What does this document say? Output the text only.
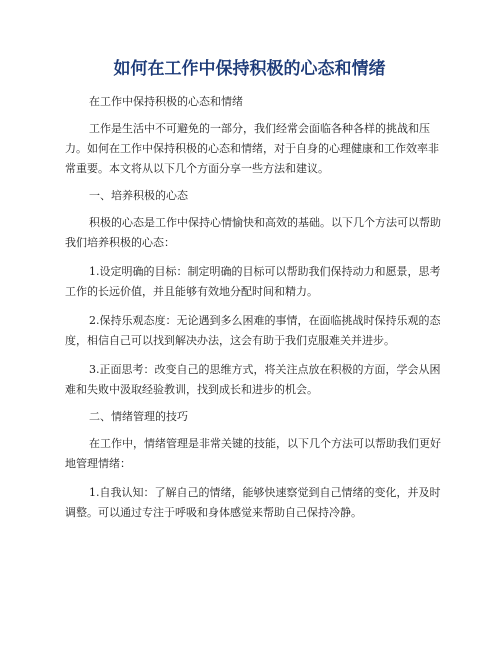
如何在工作中保持积极的心态和情绪
在工作中保持积极的心态和情绪

工作是生活中不可避免的一部分，我们经常会面临各种各样的挑战和压力。如何在工作中保持积极的心态和情绪，对于自身的心理健康和工作效率非常重要。本文将从以下几个方面分享一些方法和建议。

一、培养积极的心态

积极的心态是工作中保持心情愉快和高效的基础。以下几个方法可以帮助我们培养积极的心态：

1.设定明确的目标：制定明确的目标可以帮助我们保持动力和愿景，思考工作的长远价值，并且能够有效地分配时间和精力。

2.保持乐观态度：无论遇到多么困难的事情，在面临挑战时保持乐观的态度，相信自己可以找到解决办法，这会有助于我们克服难关并进步。

3.正面思考：改变自己的思维方式，将关注点放在积极的方面，学会从困难和失败中汲取经验教训，找到成长和进步的机会。

二、情绪管理的技巧

在工作中，情绪管理是非常关键的技能，以下几个方法可以帮助我们更好地管理情绪：

1.自我认知：了解自己的情绪，能够快速察觉到自己情绪的变化，并及时调整。可以通过专注于呼吸和身体感觉来帮助自己保持冷静。
